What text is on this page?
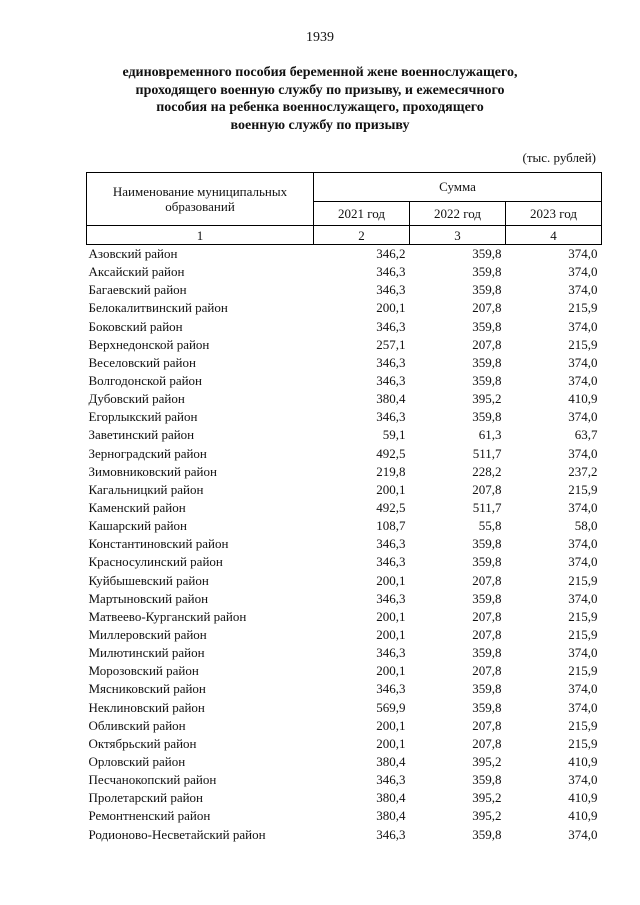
1939
единовременного пособия беременной жене военнослужащего,
проходящего военную службу по призыву, и ежемесячного
пособия на ребенка военнослужащего, проходящего
военную службу по призыву
(тыс. рублей)
Наименование муниципальных образований	Сумма		
	2021 год	2022 год	2023 год
1	2	3	4
Азовский район	346,2	359,8	374,0
Аксайский район	346,3	359,8	374,0
Багаевский район	346,3	359,8	374,0
Белокалитвинский район	200,1	207,8	215,9
Боковский район	346,3	359,8	374,0
Верхнедонской район	257,1	207,8	215,9
Веселовский район	346,3	359,8	374,0
Волгодонской район	346,3	359,8	374,0
Дубовский район	380,4	395,2	410,9
Егорлыкский район	346,3	359,8	374,0
Заветинский район	59,1	61,3	63,7
Зерноградский район	492,5	511,7	374,0
Зимовниковский район	219,8	228,2	237,2
Кагальницкий район	200,1	207,8	215,9
Каменский район	492,5	511,7	374,0
Кашарский район	108,7	55,8	58,0
Константиновский район	346,3	359,8	374,0
Красносулинский район	346,3	359,8	374,0
Куйбышевский район	200,1	207,8	215,9
Мартыновский район	346,3	359,8	374,0
Матвеево-Курганский район	200,1	207,8	215,9
Миллеровский район	200,1	207,8	215,9
Милютинский район	346,3	359,8	374,0
Морозовский район	200,1	207,8	215,9
Мясниковский район	346,3	359,8	374,0
Неклиновский район	569,9	359,8	374,0
Обливский район	200,1	207,8	215,9
Октябрьский район	200,1	207,8	215,9
Орловский район	380,4	395,2	410,9
Песчанокопский район	346,3	359,8	374,0
Пролетарский район	380,4	395,2	410,9
Ремонтненский район	380,4	395,2	410,9
Родионово-Несветайский район	346,3	359,8	374,0
